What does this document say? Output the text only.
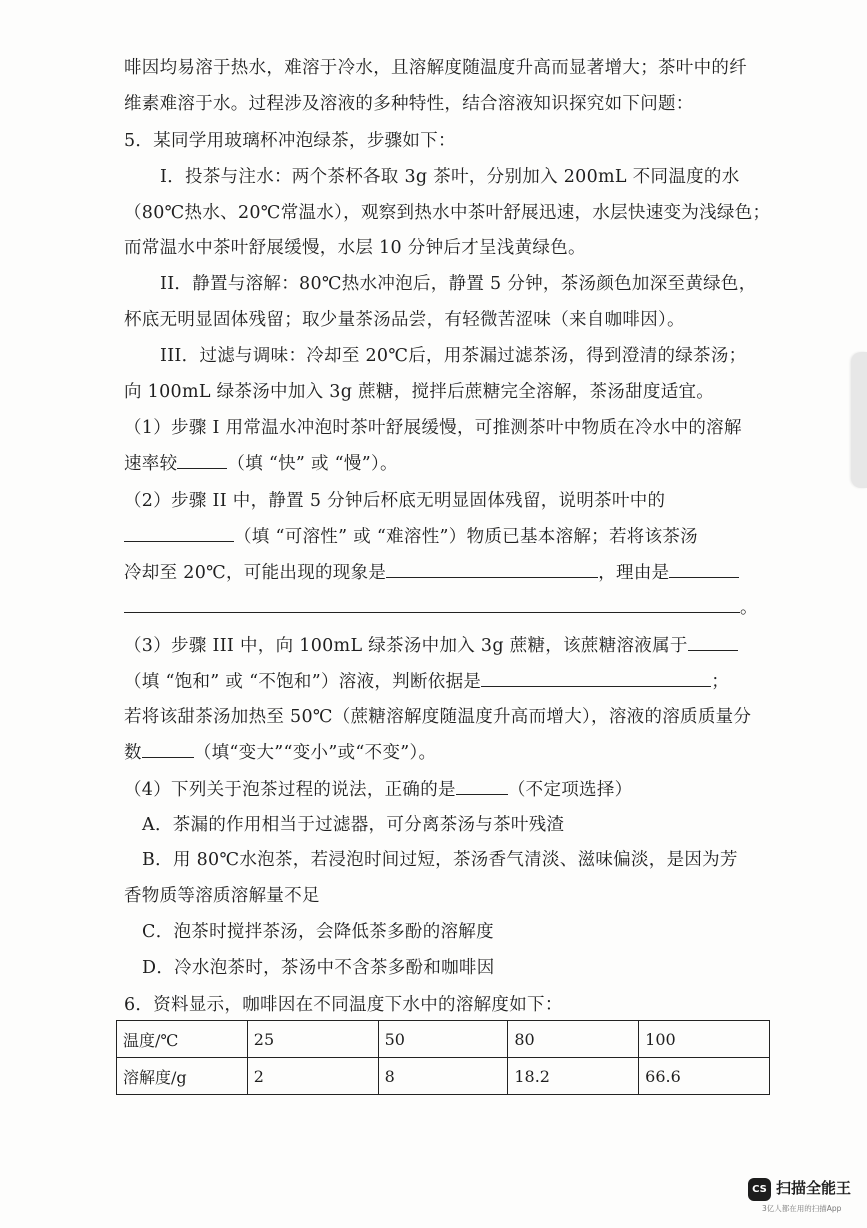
啡因均易溶于热水，难溶于冷水，且溶解度随温度升高而显著增大；茶叶中的纤
维素难溶于水。过程涉及溶液的多种特性，结合溶液知识探究如下问题：
5．某同学用玻璃杯冲泡绿茶，步骤如下：
I．投茶与注水：两个茶杯各取 3g 茶叶，分别加入 200mL 不同温度的水
（80℃热水、20℃常温水），观察到热水中茶叶舒展迅速，水层快速变为浅绿色；
而常温水中茶叶舒展缓慢，水层 10 分钟后才呈浅黄绿色。
II．静置与溶解：80℃热水冲泡后，静置 5 分钟，茶汤颜色加深至黄绿色，
杯底无明显固体残留；取少量茶汤品尝，有轻微苦涩味（来自咖啡因）。
III．过滤与调味：冷却至 20℃后，用茶漏过滤茶汤，得到澄清的绿茶汤；
向 100mL 绿茶汤中加入 3g 蔗糖，搅拌后蔗糖完全溶解，茶汤甜度适宜。
（1）步骤 I 用常温水冲泡时茶叶舒展缓慢，可推测茶叶中物质在冷水中的溶解
速率较	（填 “快” 或 “慢”）。
（2）步骤 II 中，静置 5 分钟后杯底无明显固体残留，说明茶叶中的
（填 “可溶性” 或 “难溶性”）物质已基本溶解；若将该茶汤
冷却至 20℃，可能出现的现象是	，理由是
。
（3）步骤 III 中，向 100mL 绿茶汤中加入 3g 蔗糖，该蔗糖溶液属于
（填 “饱和” 或 “不饱和”）溶液，判断依据是	；
若将该甜茶汤加热至 50℃（蔗糖溶解度随温度升高而增大），溶液的溶质质量分
数	（填“变大”“变小”或“不变”）。
（4）下列关于泡茶过程的说法，正确的是	（不定项选择）
A．茶漏的作用相当于过滤器，可分离茶汤与茶叶残渣
B．用 80℃水泡茶，若浸泡时间过短，茶汤香气清淡、滋味偏淡，是因为芳
香物质等溶质溶解量不足
C．泡茶时搅拌茶汤，会降低茶多酚的溶解度
D．冷水泡茶时，茶汤中不含茶多酚和咖啡因
6．资料显示，咖啡因在不同温度下水中的溶解度如下：
温度/℃	25	50	80	100
溶解度/g	2	8	18.2	66.6
CS 扫描全能王
3亿人都在用的扫描App
